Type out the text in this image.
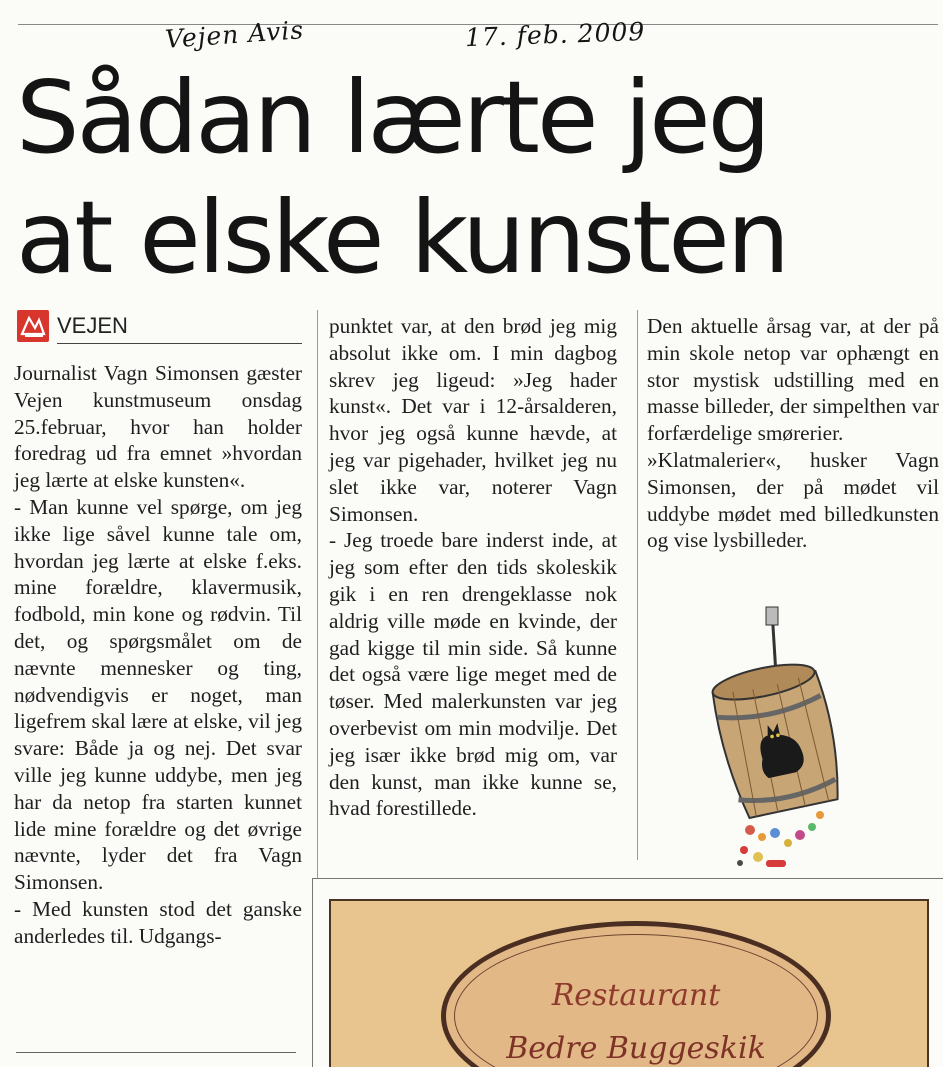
Vejen Avis	17. feb. 2009
Sådan lærte jeg
at elske kunsten
VEJEN

Journalist Vagn Simonsen gæster Vejen kunstmuseum onsdag 25.februar, hvor han holder foredrag ud fra emnet »hvordan jeg lærte at elske kunsten«.

- Man kunne vel spørge, om jeg ikke lige såvel kunne tale om, hvordan jeg lærte at elske f.eks. mine forældre, klavermusik, fodbold, min kone og rødvin. Til det, og spørgsmålet om de nævnte mennesker og ting, nødvendigvis er noget, man ligefrem skal lære at elske, vil jeg svare: Både ja og nej. Det svar ville jeg kunne uddybe, men jeg har da netop fra starten kunnet lide mine forældre og det øvrige nævnte, lyder det fra Vagn Simonsen.

- Med kunsten stod det ganske anderledes til. Udgangs-

punktet var, at den brød jeg mig absolut ikke om. I min dagbog skrev jeg ligeud: »Jeg hader kunst«. Det var i 12-årsalderen, hvor jeg også kunne hævde, at jeg var pigehader, hvilket jeg nu slet ikke var, noterer Vagn Simonsen.

- Jeg troede bare inderst inde, at jeg som efter den tids skoleskik gik i en ren drengeklasse nok aldrig ville møde en kvinde, der gad kigge til min side. Så kunne det også være lige meget med de tøser. Med malerkunsten var jeg overbevist om min modvilje. Det jeg især ikke brød mig om, var den kunst, man ikke kunne se, hvad forestillede.

Den aktuelle årsag var, at der på min skole netop var ophængt en stor mystisk udstilling med en masse billeder, der simpelthen var forfærdelige smørerier.

»Klatmalerier«, husker Vagn Simonsen, der på mødet vil uddybe mødet med billedkunsten og vise lysbilleder.

Restaurant
Bedre Buggeskik
